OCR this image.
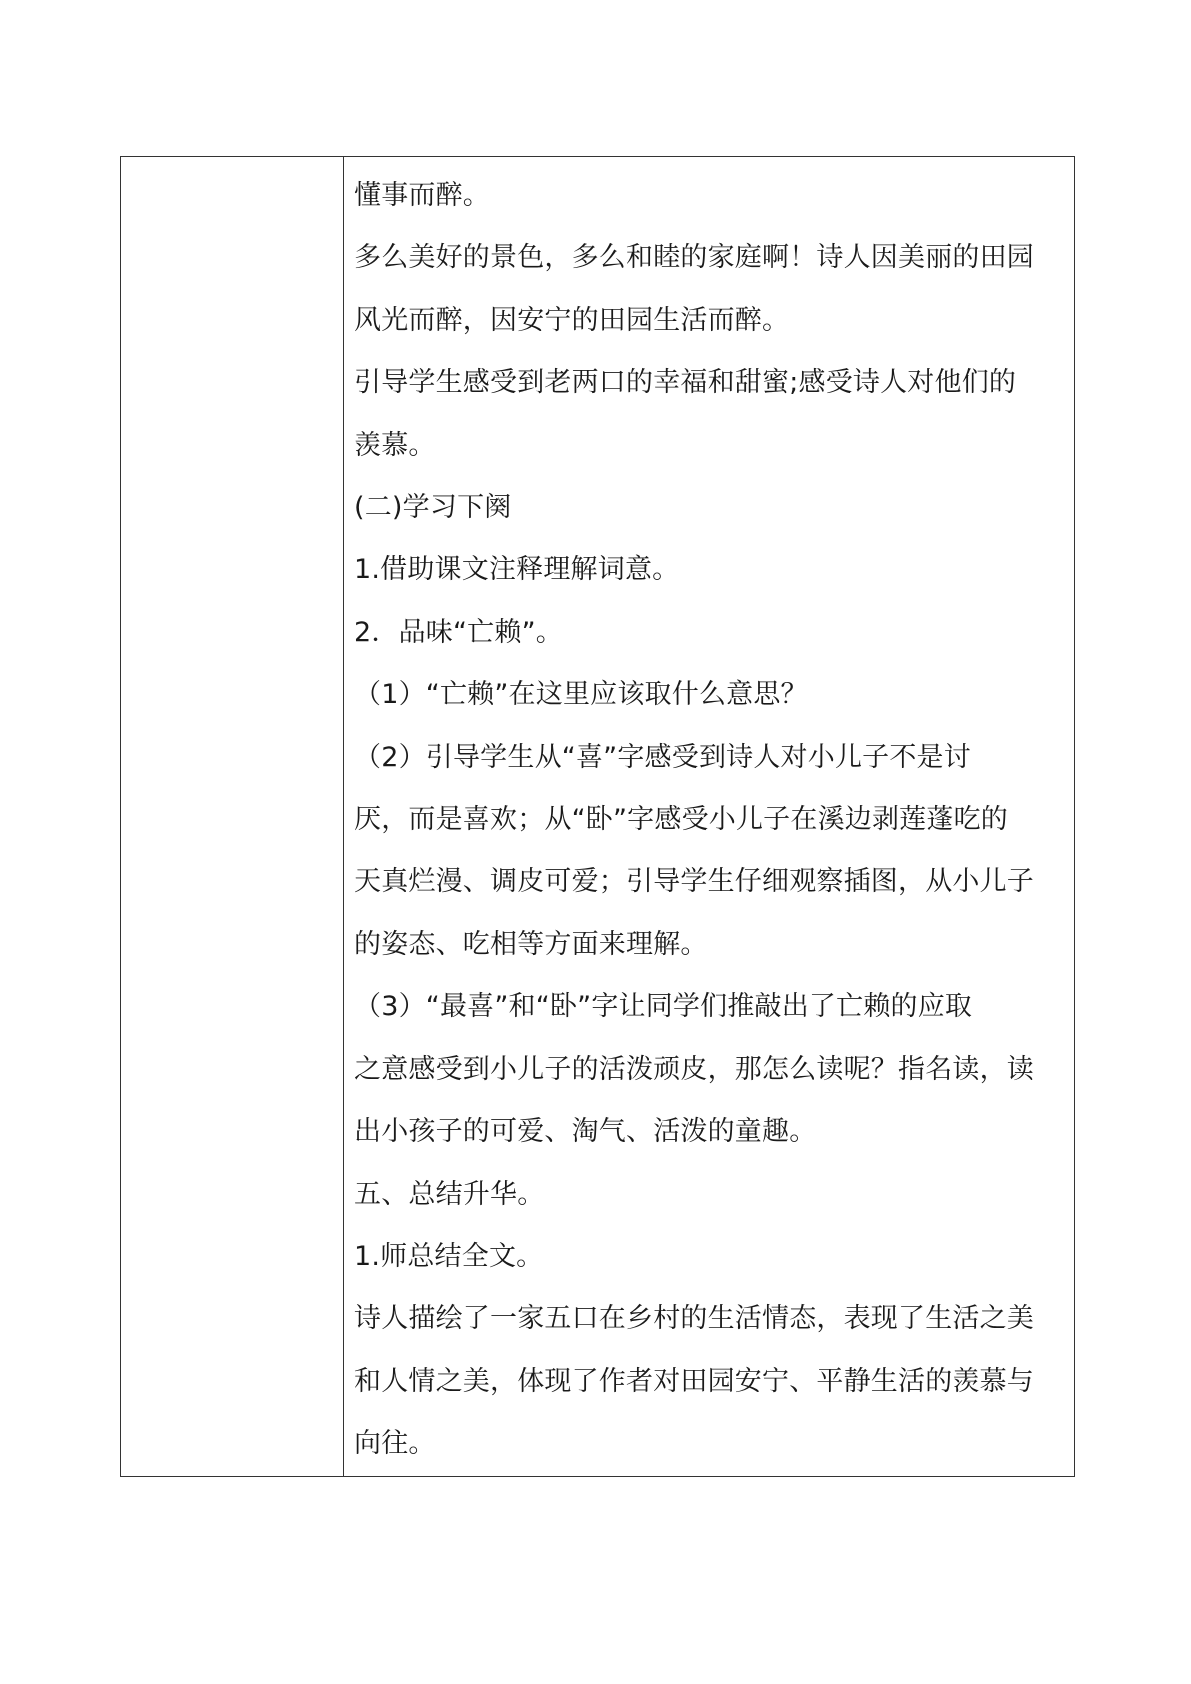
懂事而醉。

多么美好的景色，多么和睦的家庭啊！诗人因美丽的田园

风光而醉，因安宁的田园生活而醉。

引导学生感受到老两口的幸福和甜蜜;感受诗人对他们的

羡慕。

(二)学习下阕

1.借助课文注释理解词意。

2．品味“亡赖”。

（1）“亡赖”在这里应该取什么意思？

（2）引导学生从“喜”字感受到诗人对小儿子不是讨

厌，而是喜欢；从“卧”字感受小儿子在溪边剥莲蓬吃的

天真烂漫、调皮可爱；引导学生仔细观察插图，从小儿子

的姿态、吃相等方面来理解。

（3）“最喜”和“卧”字让同学们推敲出了亡赖的应取

之意感受到小儿子的活泼顽皮，那怎么读呢？指名读，读

出小孩子的可爱、淘气、活泼的童趣。

五、总结升华。

1.师总结全文。

诗人描绘了一家五口在乡村的生活情态，表现了生活之美

和人情之美，体现了作者对田园安宁、平静生活的羡慕与

向往。
